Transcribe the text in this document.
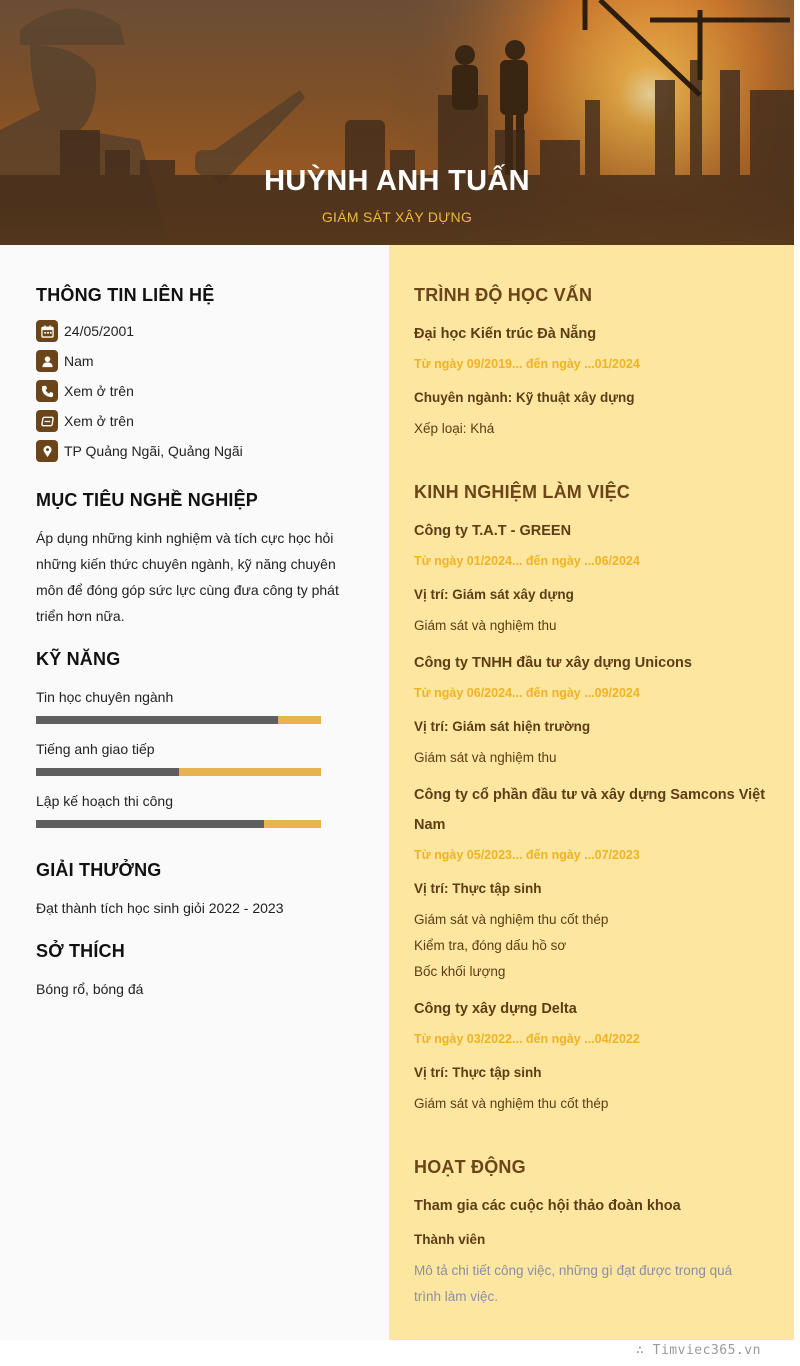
HUỲNH ANH TUẤN
GIÁM SÁT XÂY DỰNG
THÔNG TIN LIÊN HỆ
24/05/2001
Nam
Xem ở trên
Xem ở trên
TP Quảng Ngãi, Quảng Ngãi
MỤC TIÊU NGHỀ NGHIỆP
Áp dụng những kinh nghiệm và tích cực học hỏi những kiến thức chuyên ngành, kỹ năng chuyên môn để đóng góp sức lực cùng đưa công ty phát triển hơn nữa.
KỸ NĂNG
Tin học chuyên ngành
Tiếng anh giao tiếp
Lập kế hoạch thi công
GIẢI THƯỞNG
Đạt thành tích học sinh giỏi 2022 - 2023
SỞ THÍCH
Bóng rổ, bóng đá
TRÌNH ĐỘ HỌC VẤN
Đại học Kiến trúc Đà Nẵng
Từ ngày 09/2019... đến ngày ...01/2024
Chuyên ngành: Kỹ thuật xây dựng
Xếp loại: Khá
KINH NGHIỆM LÀM VIỆC
Công ty T.A.T - GREEN
Từ ngày 01/2024... đến ngày ...06/2024
Vị trí: Giám sát xây dựng
Giám sát và nghiệm thu
Công ty TNHH đầu tư xây dựng Unicons
Từ ngày 06/2024... đến ngày ...09/2024
Vị trí: Giám sát hiện trường
Giám sát và nghiệm thu
Công ty cổ phần đầu tư và xây dựng Samcons Việt Nam
Từ ngày 05/2023... đến ngày ...07/2023
Vị trí: Thực tập sinh
Giám sát và nghiệm thu cốt thép
Kiểm tra, đóng dấu hồ sơ
Bốc khối lượng
Công ty xây dựng Delta
Từ ngày 03/2022... đến ngày ...04/2022
Vị trí: Thực tập sinh
Giám sát và nghiệm thu cốt thép
HOẠT ĐỘNG
Tham gia các cuộc hội thảo đoàn khoa
Thành viên
Mô tả chi tiết công việc, những gì đạt được trong quá trình làm việc.
∴ Timviec365.vn
